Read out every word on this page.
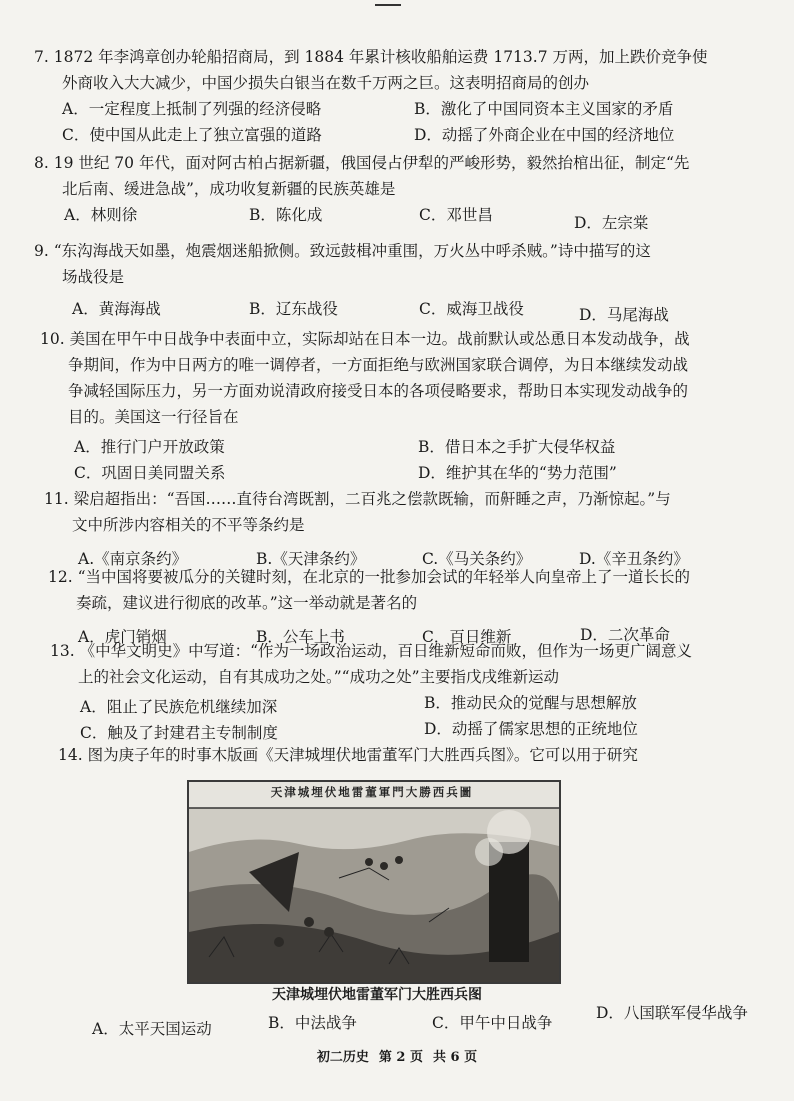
7. 1872 年李鸿章创办轮船招商局，到 1884 年累计核收船舶运费 1713.7 万两，加上跌价竞争使
外商收入大大减少，中国少损失白银当在数千万两之巨。这表明招商局的创办
A．一定程度上抵制了列强的经济侵略	B．激化了中国同资本主义国家的矛盾
C．使中国从此走上了独立富强的道路	D．动摇了外商企业在中国的经济地位
8. 19 世纪 70 年代，面对阿古柏占据新疆，俄国侵占伊犁的严峻形势，毅然抬棺出征，制定“先
北后南、缓进急战”，成功收复新疆的民族英雄是
A．林则徐	B．陈化成	C．邓世昌	D．左宗棠
9. “东沟海战天如墨，炮震烟迷船掀侧。致远鼓楫冲重围，万火丛中呼杀贼。”诗中描写的这
场战役是
A．黄海海战	B．辽东战役	C．威海卫战役	D．马尾海战
10. 美国在甲午中日战争中表面中立，实际却站在日本一边。战前默认或怂恿日本发动战争，战
争期间，作为中日两方的唯一调停者，一方面拒绝与欧洲国家联合调停，为日本继续发动战
争减轻国际压力，另一方面劝说清政府接受日本的各项侵略要求，帮助日本实现发动战争的
目的。美国这一行径旨在
A．推行门户开放政策	B．借日本之手扩大侵华权益
C．巩固日美同盟关系	D．维护其在华的“势力范围”
11. 梁启超指出：“吾国……直待台湾既割，二百兆之偿款既输，而鼾睡之声，乃渐惊起。”与
文中所涉内容相关的不平等条约是
A.《南京条约》	B.《天津条约》	C.《马关条约》	D.《辛丑条约》
12. “当中国将要被瓜分的关键时刻，在北京的一批参加会试的年轻举人向皇帝上了一道长长的
奏疏，建议进行彻底的改革。”这一举动就是著名的
A．虎门销烟	B．公车上书	C．百日维新	D．二次革命
13. 《中华文明史》中写道：“作为一场政治运动，百日维新短命而败，但作为一场更广阔意义
上的社会文化运动，自有其成功之处。”“成功之处”主要指戊戌维新运动
A．阻止了民族危机继续加深	B．推动民众的觉醒与思想解放
C．触及了封建君主专制制度	D．动摇了儒家思想的正统地位
14. 图为庚子年的时事木版画《天津城埋伏地雷董军门大胜西兵图》。它可以用于研究
天津城埋伏地雷董軍門大勝西兵圖
天津城埋伏地雷董军门大胜西兵图
A．太平天国运动	B．中法战争	C．甲午中日战争
D．八国联军侵华战争
初二历史 第 2 页 共 6 页
